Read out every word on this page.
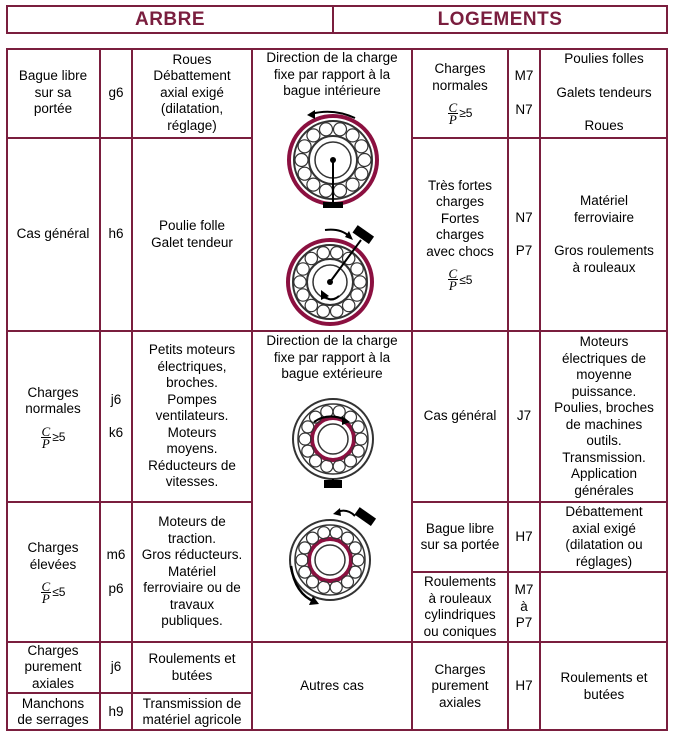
ARBRE	LOGEMENTS
Bague libre
sur sa
portée
g6
Roues
Débattement
axial exigé
(dilatation,
réglage)
Cas général h6
Poulie folle
Galet tendeur
Charges
normales
$\frac{C}{P} \ge 5$
j6
k6
Petits moteurs
électriques,
broches.
Pompes
ventilateurs.
Moteurs
moyens.
Réducteurs de
vitesses.
Charges
élevées
$\frac{C}{P} \le 5$
m6
p6
Moteurs de
traction.
Gros réducteurs.
Matériel
ferroviaire ou de
travaux
publiques.
Charges
purement
axiales
j6
Roulements et
butées
Manchons
de serrages
h9
Transmission de
matériel agricole
Direction de la charge
fixe par rapport à la
bague intérieure
Direction de la charge
fixe par rapport à la
bague extérieure
Autres cas
Charges
normales
$\frac{C}{P} \ge 5$
M7
N7
Poulies folles
Galets tendeurs
Roues
Très fortes
charges
Fortes
charges
avec chocs
$\frac{C}{P} \le 5$
N7
P7
Matériel
ferroviaire
Gros roulements
à rouleaux
Cas général J7
Moteurs
électriques de
moyenne
puissance.
Poulies, broches
de machines
outils.
Transmission.
Application
générales
Bague libre
sur sa portée
H7
Débattement
axial exigé
(dilatation ou
réglages)
Roulements
à rouleaux
cylindriques
ou coniques
M7
à
P7
Charges
purement
axiales
H7
Roulements et
butées
